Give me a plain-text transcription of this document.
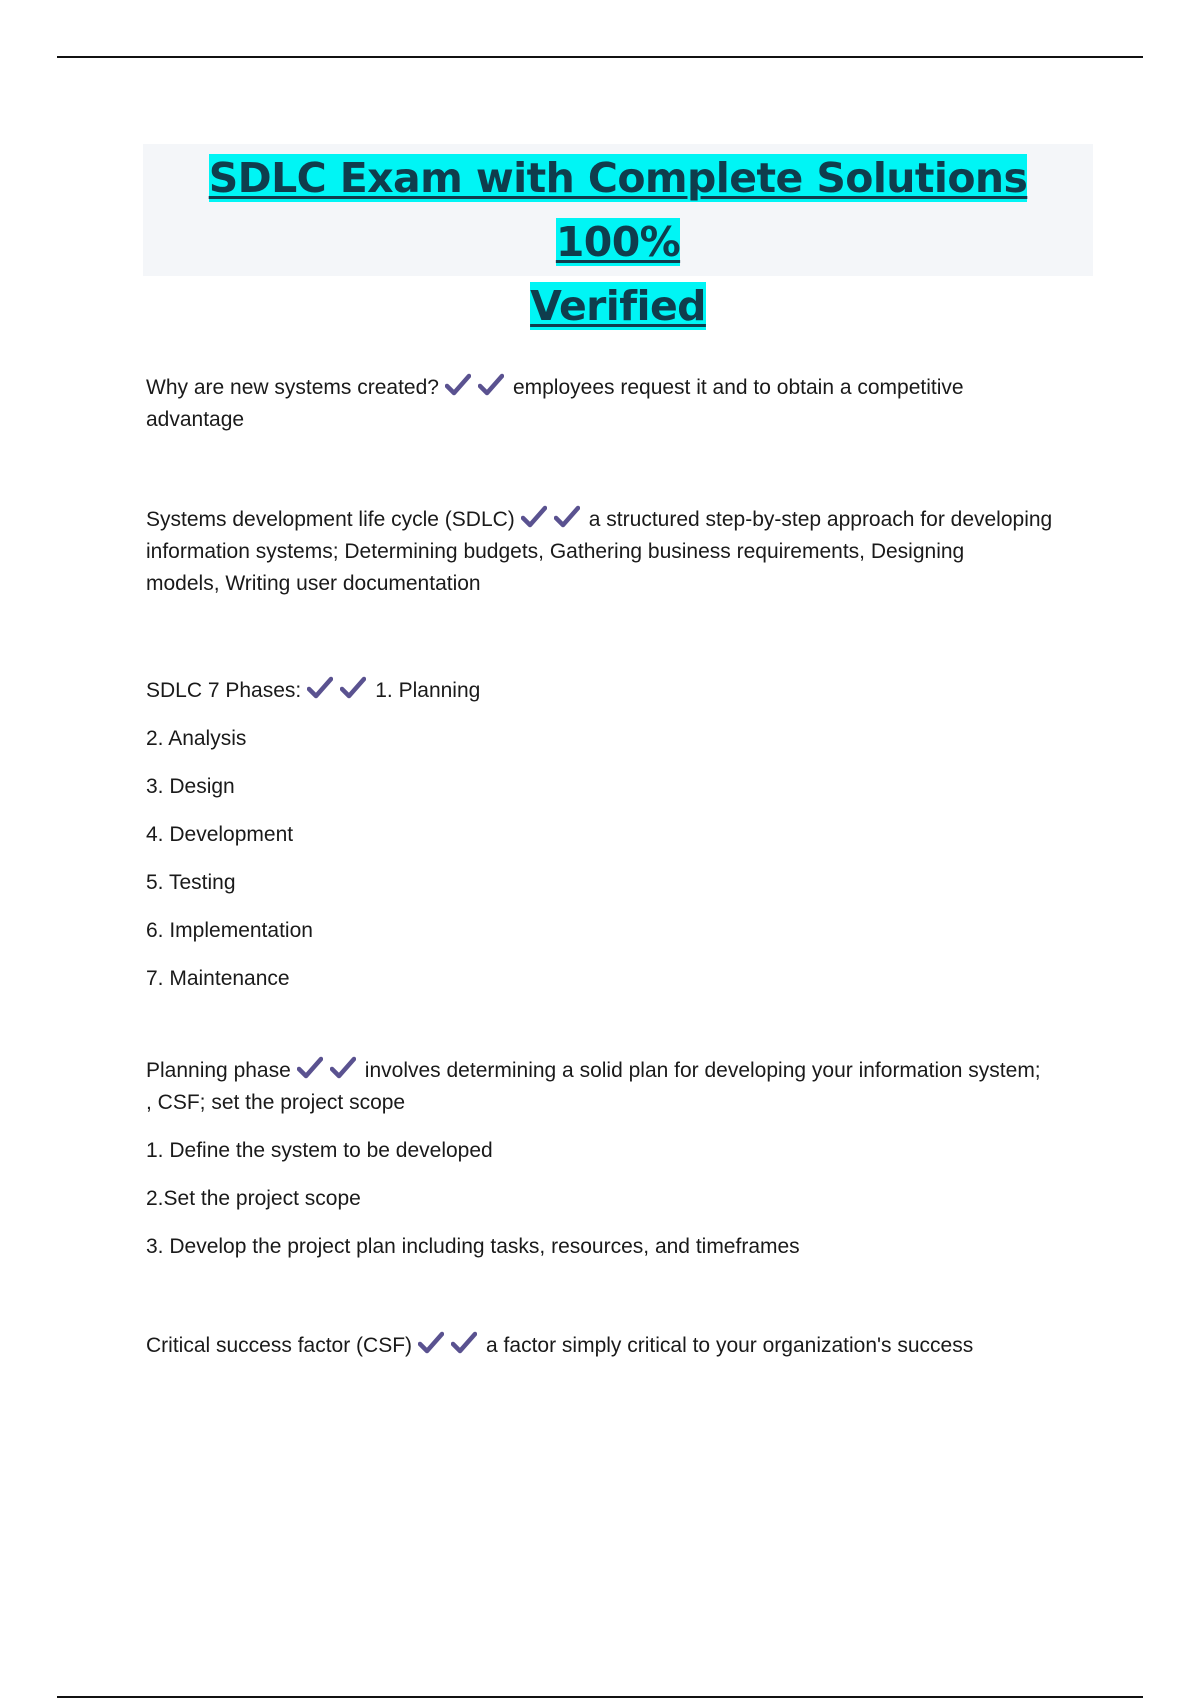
SDLC Exam with Complete Solutions 100%
Verified
Why are new systems created?	employees request it and to obtain a competitive
advantage
Systems development life cycle (SDLC)	a structured step-by-step approach for developing
information systems; Determining budgets, Gathering business requirements, Designing
models, Writing user documentation
SDLC 7 Phases:	1. Planning
2. Analysis
3. Design
4. Development
5. Testing
6. Implementation
7. Maintenance
Planning phase	involves determining a solid plan for developing your information system;
, CSF; set the project scope
1. Define the system to be developed
2.Set the project scope
3. Develop the project plan including tasks, resources, and timeframes
Critical success factor (CSF)	a factor simply critical to your organization's success
